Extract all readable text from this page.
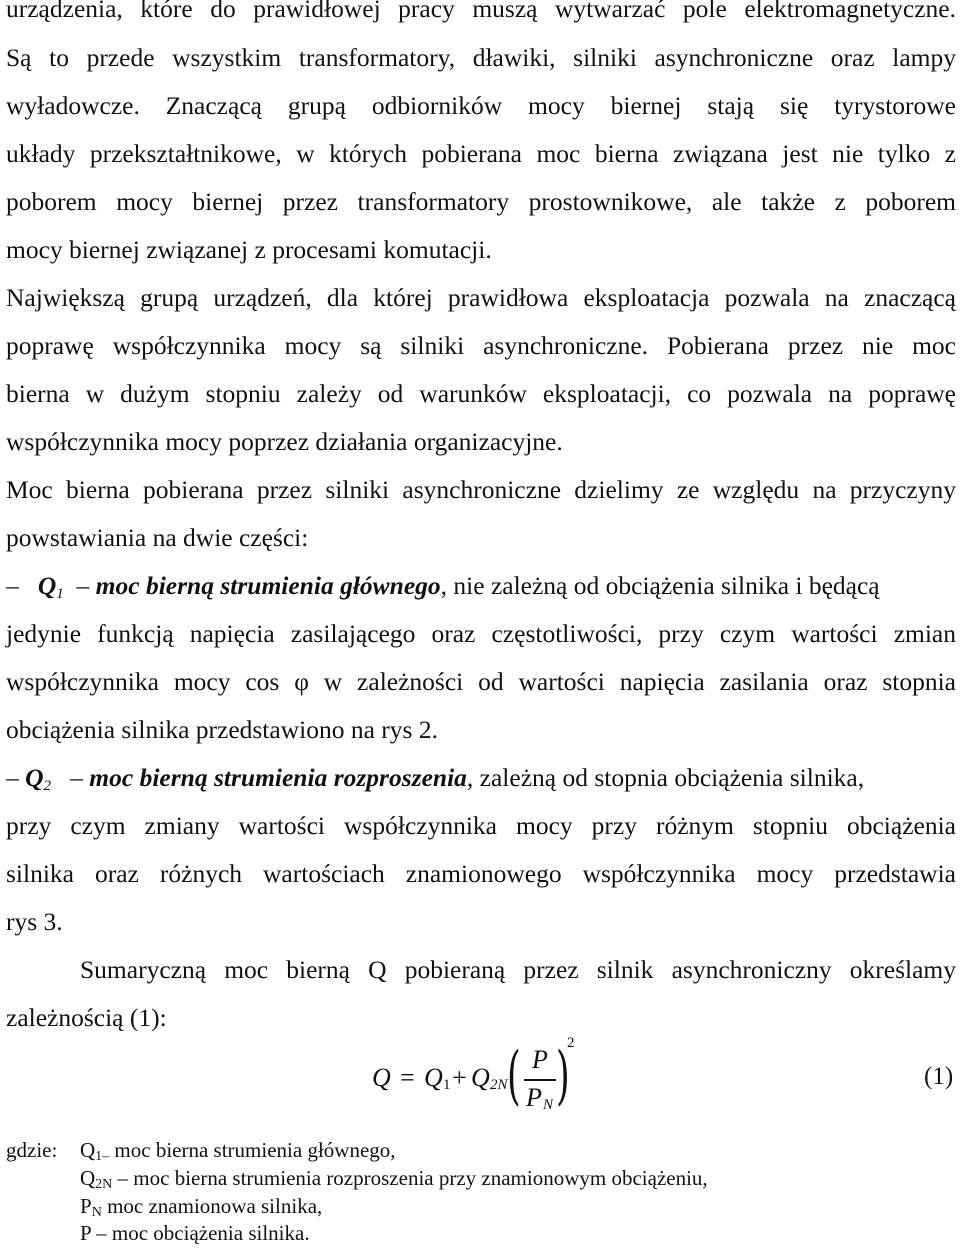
urządzenia, które do prawidłowej pracy muszą wytwarzać pole elektromagnetyczne.
Są to przede wszystkim transformatory, dławiki, silniki asynchroniczne oraz lampy
wyładowcze. Znaczącą grupą odbiorników mocy biernej stają się tyrystorowe
układy przekształtnikowe, w których pobierana moc bierna związana jest nie tylko z
poborem mocy biernej przez transformatory prostownikowe, ale także z poborem
mocy biernej związanej z procesami komutacji.
Największą grupą urządzeń, dla której prawidłowa eksploatacja pozwala na znaczącą
poprawę współczynnika mocy są silniki asynchroniczne. Pobierana przez nie moc
bierna w dużym stopniu zależy od warunków eksploatacji, co pozwala na poprawę
współczynnika mocy poprzez działania organizacyjne.
Moc bierna pobierana przez silniki asynchroniczne dzielimy ze względu na przyczyny
powstawiania na dwie części:
– $Q_1$ – moc bierną strumienia głównego, nie zależną od obciążenia silnika i będącą
jedynie funkcją napięcia zasilającego oraz częstotliwości, przy czym wartości zmian
współczynnika mocy cos φ w zależności od wartości napięcia zasilania oraz stopnia
obciążenia silnika przedstawiono na rys 2.
– $Q_2$ – moc bierną strumienia rozproszenia, zależną od stopnia obciążenia silnika,
przy czym zmiany wartości współczynnika mocy przy różnym stopniu obciążenia
silnika oraz różnych wartościach znamionowego współczynnika mocy przedstawia
rys 3.
Sumaryczną moc bierną Q pobieraną przez silnik asynchroniczny określamy
zależnością (1):
Q = Q 1 + Q 2N ( P
P N )
2
(1)
gdzie: $Q_{1-}$ moc bierna strumienia głównego,
$Q_{2N}$ – moc bierna strumienia rozproszenia przy znamionowym obciążeniu,
$P_N$ moc znamionowa silnika,
P – moc obciążenia silnika.
